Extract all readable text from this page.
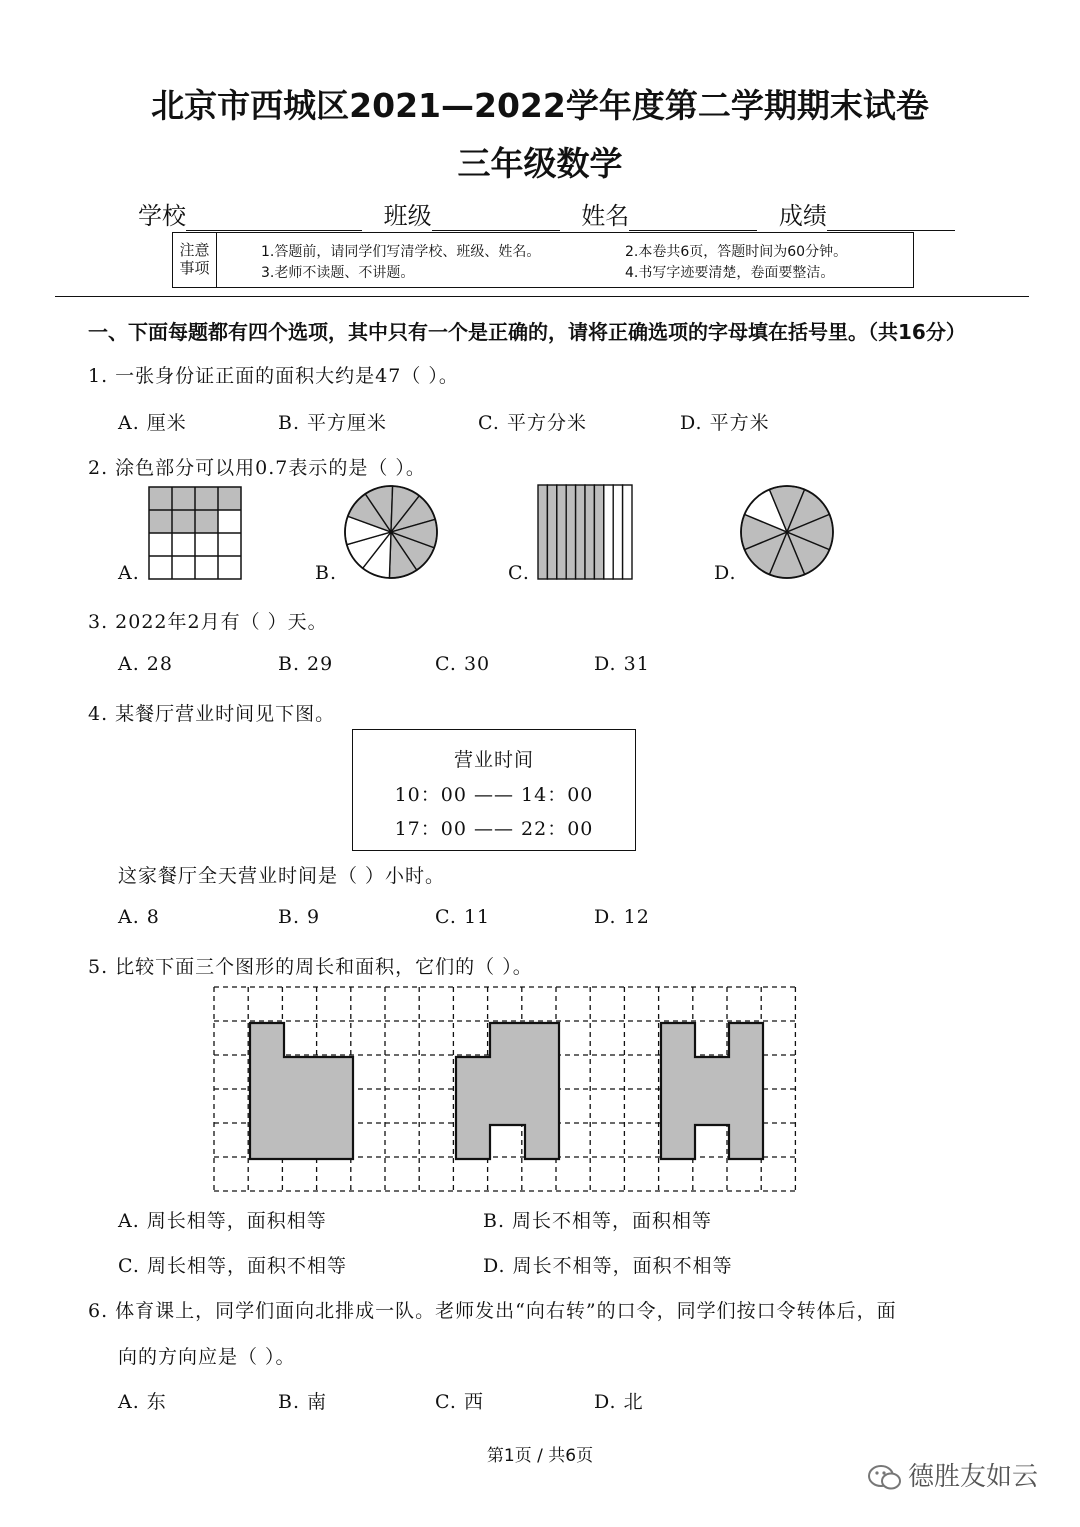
北京市西城区2021—2022学年度第二学期期末试卷
三年级数学
学校	班级	姓名	成绩
注意
事项
1.答题前，请同学们写清学校、班级、姓名。	2.本卷共6页，答题时间为60分钟。
3.老师不读题、不讲题。	4.书写字迹要清楚，卷面要整洁。
一、下面每题都有四个选项，其中只有一个是正确的，请将正确选项的字母填在括号里。（共16分）
1. 一张身份证正面的面积大约是47（ ）。
A. 厘米	B. 平方厘米	C. 平方分米	D. 平方米
2. 涂色部分可以用0.7表示的是（ ）。
A.	B.	C.	D.
3. 2022年2月有（ ）天。
A. 28	B. 29	C. 30	D. 31
4. 某餐厅营业时间见下图。
营业时间
10：00 —— 14：00
17：00 —— 22：00
这家餐厅全天营业时间是（ ）小时。
A. 8	B. 9	C. 11	D. 12
5. 比较下面三个图形的周长和面积，它们的（ ）。
A. 周长相等，面积相等	B. 周长不相等，面积相等
C. 周长相等，面积不相等	D. 周长不相等，面积不相等
6. 体育课上，同学们面向北排成一队。老师发出“向右转”的口令，同学们按口令转体后，面
向的方向应是（ ）。
A. 东	B. 南	C. 西	D. 北
第1页 / 共6页
德胜友如云
